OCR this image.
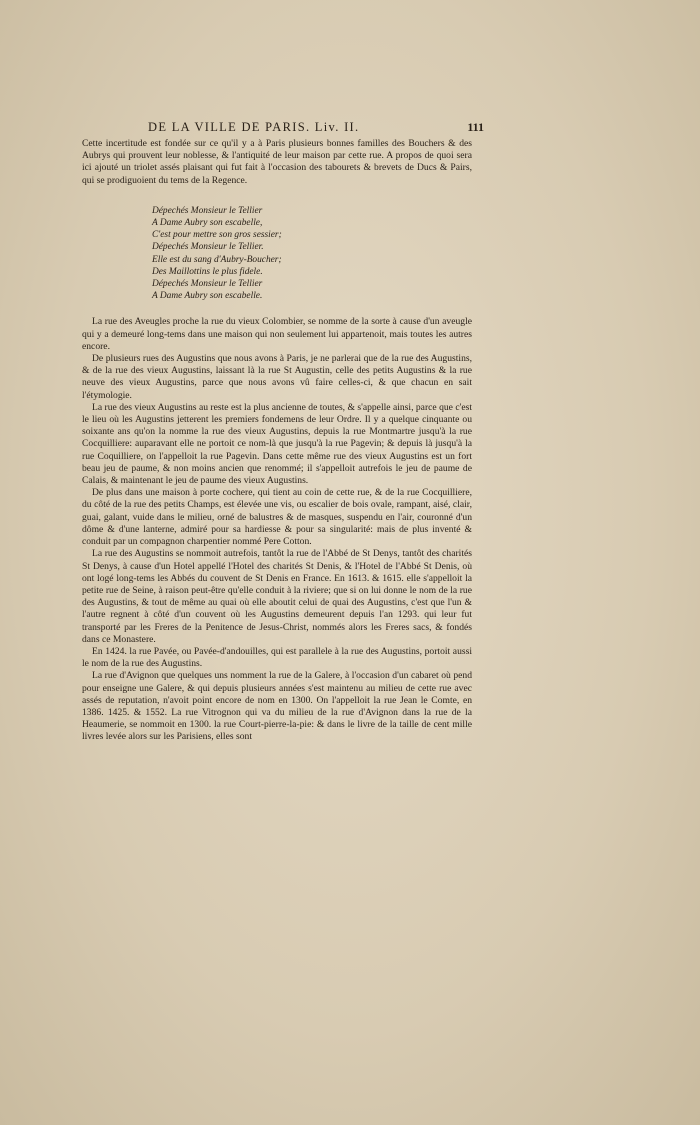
DE LA VILLE DE PARIS. Liv. II.	111

Cette incertitude est fondée sur ce qu'il y a à Paris plusieurs bonnes familles des Bouchers & des Aubrys qui prouvent leur noblesse, & l'antiquité de leur maison par cette rue. A propos de quoi sera ici ajouté un triolet assés plaisant qui fut fait à l'occasion des tabourets & brevets de Ducs & Pairs, qui se prodiguoient du tems de la Regence.

Dépechés Monsieur le Tellier
A Dame Aubry son escabelle,
C'est pour mettre son gros sessier;
Dépechés Monsieur le Tellier.
Elle est du sang d'Aubry-Boucher;
Des Maillottins le plus fidele.
Dépechés Monsieur le Tellier
A Dame Aubry son escabelle.

La rue des Aveugles proche la rue du vieux Colombier, se nomme de la sorte à cause d'un aveugle qui y a demeuré long-tems dans une maison qui non seulement lui appartenoit, mais toutes les autres encore.

De plusieurs rues des Augustins que nous avons à Paris, je ne parlerai que de la rue des Augustins, & de la rue des vieux Augustins, laissant là la rue St Augustin, celle des petits Augustins & la rue neuve des vieux Augustins, parce que nous avons vû faire celles-ci, & que chacun en sait l'étymologie.

La rue des vieux Augustins au reste est la plus ancienne de toutes, & s'appelle ainsi, parce que c'est le lieu où les Augustins jetterent les premiers fondemens de leur Ordre. Il y a quelque cinquante ou soixante ans qu'on la nomme la rue des vieux Augustins, depuis la rue Montmartre jusqu'à la rue Cocquilliere: auparavant elle ne portoit ce nom-là que jusqu'à la rue Pagevin; & depuis là jusqu'à la rue Coquilliere, on l'appelloit la rue Pagevin. Dans cette même rue des vieux Augustins est un fort beau jeu de paume, & non moins ancien que renommé; il s'appelloit autrefois le jeu de paume de Calais, & maintenant le jeu de paume des vieux Augustins.

De plus dans une maison à porte cochere, qui tient au coin de cette rue, & de la rue Cocquilliere, du côté de la rue des petits Champs, est élevée une vis, ou escalier de bois ovale, rampant, aisé, clair, guai, galant, vuide dans le milieu, orné de balustres & de masques, suspendu en l'air, couronné d'un dôme & d'une lanterne, admiré pour sa hardiesse & pour sa singularité: mais de plus inventé & conduit par un compagnon charpentier nommé Pere Cotton.

La rue des Augustins se nommoit autrefois, tantôt la rue de l'Abbé de St Denys, tantôt des charités St Denys, à cause d'un Hotel appellé l'Hotel des charités St Denis, & l'Hotel de l'Abbé St Denis, où ont logé long-tems les Abbés du couvent de St Denis en France. En 1613. & 1615. elle s'appelloit la petite rue de Seine, à raison peut-être qu'elle conduit à la riviere; que si on lui donne le nom de la rue des Augustins, & tout de même au quai où elle aboutit celui de quai des Augustins, c'est que l'un & l'autre regnent à côté d'un couvent où les Augustins demeurent depuis l'an 1293. qui leur fut transporté par les Freres de la Penitence de Jesus-Christ, nommés alors les Freres sacs, & fondés dans ce Monastere.

En 1424. la rue Pavée, ou Pavée-d'andouilles, qui est parallele à la rue des Augustins, portoit aussi le nom de la rue des Augustins.

La rue d'Avignon que quelques uns nomment la rue de la Galere, à l'occasion d'un cabaret où pend pour enseigne une Galere, & qui depuis plusieurs années s'est maintenu au milieu de cette rue avec assés de reputation, n'avoit point encore de nom en 1300. On l'appelloit la rue Jean le Comte, en 1386. 1425. & 1552. La rue Vitrognon qui va du milieu de la rue d'Avignon dans la rue de la Heaumerie, se nommoit en 1300. la rue Court-pierre-la-pie: & dans le livre de la taille de cent mille livres levée alors sur les Parisiens, elles sont
